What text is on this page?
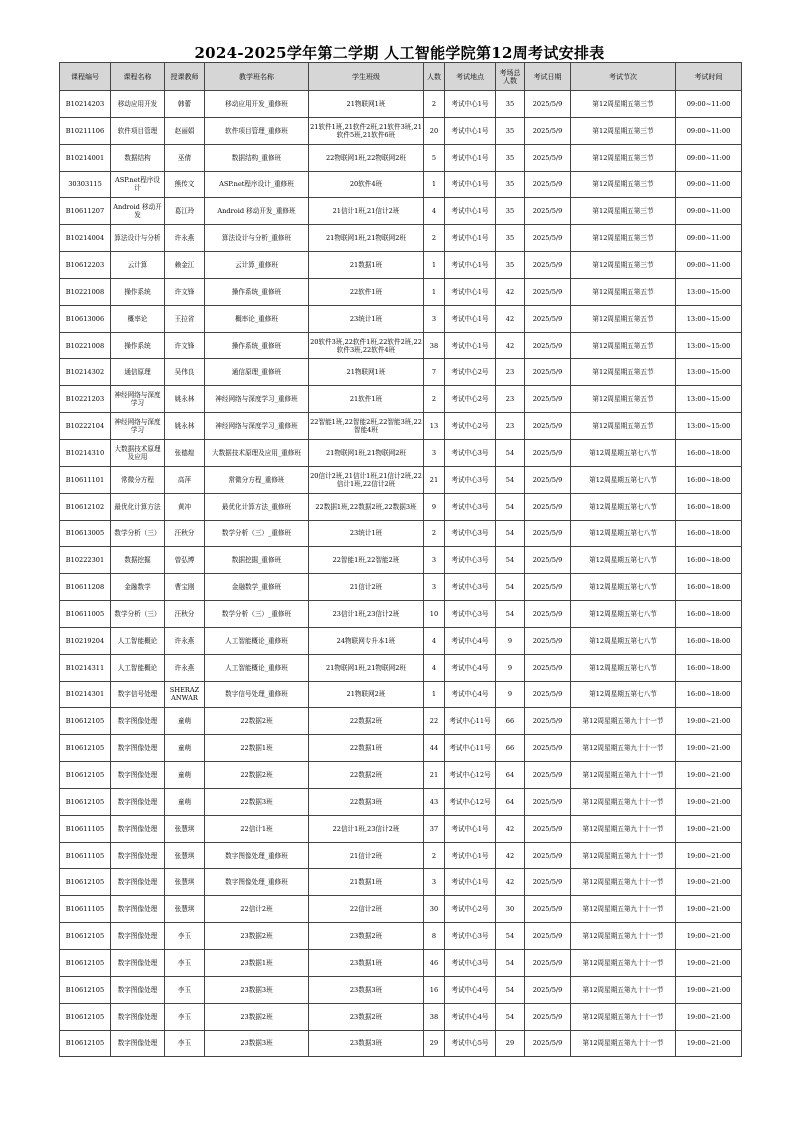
2024-2025学年第二学期 人工智能学院第12周考试安排表
课程编号	课程名称	授课教师	教学班名称	学生班级	人数	考试地点	考场总人数	考试日期	考试节次	考试时间
B10214203	移动应用开发	韩蕾	移动应用开发_重修班	21物联网1班	2	考试中心1号	35	2025/5/9	第12周星期五第三节	09:00~11:00
B10211106	软件项目管理	赵丽娟	软件项目管理_重修班	21软件1班,21软件2班,21软件3班,21软件5班,21软件6班	20	考试中心1号	35	2025/5/9	第12周星期五第三节	09:00~11:00
B10214001	数据结构	巫倩	数据结构_重修班	22物联网1班,22物联网2班	5	考试中心1号	35	2025/5/9	第12周星期五第三节	09:00~11:00
30303115	ASP.net程序设计	熊传文	ASP.net程序设计_重修班	20软件4班	1	考试中心1号	35	2025/5/9	第12周星期五第三节	09:00~11:00
B10611207	Android 移动开发	葛江玲	Android 移动开发_重修班	21信计1班,21信计2班	4	考试中心1号	35	2025/5/9	第12周星期五第三节	09:00~11:00
B10214004	算法设计与分析	许永燕	算法设计与分析_重修班	21物联网1班,21物联网2班	2	考试中心1号	35	2025/5/9	第12周星期五第三节	09:00~11:00
B10612203	云计算	赖金江	云计算_重修班	21数据1班	1	考试中心1号	35	2025/5/9	第12周星期五第三节	09:00~11:00
B10221008	操作系统	许文锋	操作系统_重修班	22软件1班	1	考试中心1号	42	2025/5/9	第12周星期五第五节	13:00~15:00
B10613006	概率论	王拉省	概率论_重修班	23统计1班	3	考试中心1号	42	2025/5/9	第12周星期五第五节	13:00~15:00
B10221008	操作系统	许文锋	操作系统_重修班	20软件3班,22软件1班,22软件2班,22软件3班,22软件4班	38	考试中心1号	42	2025/5/9	第12周星期五第五节	13:00~15:00
B10214302	通信原理	吴伟良	通信原理_重修班	21物联网1班	7	考试中心2号	23	2025/5/9	第12周星期五第五节	13:00~15:00
B10221203	神经网络与深度学习	姚永林	神经网络与深度学习_重修班	21软件1班	2	考试中心2号	23	2025/5/9	第12周星期五第五节	13:00~15:00
B10222104	神经网络与深度学习	姚永林	神经网络与深度学习_重修班	22智能1班,22智能2班,22智能3班,22智能4班	13	考试中心2号	23	2025/5/9	第12周星期五第五节	13:00~15:00
B10214310	大数据技术原理及应用	张德煌	大数据技术原理及应用_重修班	21物联网1班,21物联网2班	3	考试中心3号	54	2025/5/9	第12周星期五第七八节	16:00~18:00
B10611101	常微分方程	高萍	常微分方程_重修班	20信计2班,21信计1班,21信计2班,22信计1班,22信计2班	21	考试中心3号	54	2025/5/9	第12周星期五第七八节	16:00~18:00
B10612102	最优化计算方法	黄冲	最优化计算方法_重修班	22数据1班,22数据2班,22数据3班	9	考试中心3号	54	2025/5/9	第12周星期五第七八节	16:00~18:00
B10613005	数学分析（三）	汪秋分	数学分析（三）_重修班	23统计1班	2	考试中心3号	54	2025/5/9	第12周星期五第七八节	16:00~18:00
B10222301	数据挖掘	曾弘博	数据挖掘_重修班	22智能1班,22智能2班	3	考试中心3号	54	2025/5/9	第12周星期五第七八节	16:00~18:00
B10611208	金融数学	曹宝刚	金融数学_重修班	21信计2班	3	考试中心3号	54	2025/5/9	第12周星期五第七八节	16:00~18:00
B10611005	数学分析（三）	汪秋分	数学分析（三）_重修班	23信计1班,23信计2班	10	考试中心3号	54	2025/5/9	第12周星期五第七八节	16:00~18:00
B10219204	人工智能概论	许永燕	人工智能概论_重修班	24物联网专升本1班	4	考试中心4号	9	2025/5/9	第12周星期五第七八节	16:00~18:00
B10214311	人工智能概论	许永燕	人工智能概论_重修班	21物联网1班,21物联网2班	4	考试中心4号	9	2025/5/9	第12周星期五第七八节	16:00~18:00
B10214301	数字信号处理	SHERAZ ANWAR	数字信号处理_重修班	21物联网2班	1	考试中心4号	9	2025/5/9	第12周星期五第七八节	16:00~18:00
B10612105	数字图像处理	童萌	22数据2班	22数据2班	22	考试中心11号	66	2025/5/9	第12周星期五第九十十一节	19:00~21:00
B10612105	数字图像处理	童萌	22数据1班	22数据1班	44	考试中心11号	66	2025/5/9	第12周星期五第九十十一节	19:00~21:00
B10612105	数字图像处理	童萌	22数据2班	22数据2班	21	考试中心12号	64	2025/5/9	第12周星期五第九十十一节	19:00~21:00
B10612105	数字图像处理	童萌	22数据3班	22数据3班	43	考试中心12号	64	2025/5/9	第12周星期五第九十十一节	19:00~21:00
B10611105	数字图像处理	张慧琪	22信计1班	22信计1班,23信计2班	37	考试中心1号	42	2025/5/9	第12周星期五第九十十一节	19:00~21:00
B10611105	数字图像处理	张慧琪	数字图像处理_重修班	21信计2班	2	考试中心1号	42	2025/5/9	第12周星期五第九十十一节	19:00~21:00
B10612105	数字图像处理	张慧琪	数字图像处理_重修班	21数据1班	3	考试中心1号	42	2025/5/9	第12周星期五第九十十一节	19:00~21:00
B10611105	数字图像处理	张慧琪	22信计2班	22信计2班	30	考试中心2号	30	2025/5/9	第12周星期五第九十十一节	19:00~21:00
B10612105	数字图像处理	李玉	23数据2班	23数据2班	8	考试中心3号	54	2025/5/9	第12周星期五第九十十一节	19:00~21:00
B10612105	数字图像处理	李玉	23数据1班	23数据1班	46	考试中心3号	54	2025/5/9	第12周星期五第九十十一节	19:00~21:00
B10612105	数字图像处理	李玉	23数据3班	23数据3班	16	考试中心4号	54	2025/5/9	第12周星期五第九十十一节	19:00~21:00
B10612105	数字图像处理	李玉	23数据2班	23数据2班	38	考试中心4号	54	2025/5/9	第12周星期五第九十十一节	19:00~21:00
B10612105	数字图像处理	李玉	23数据3班	23数据3班	29	考试中心5号	29	2025/5/9	第12周星期五第九十十一节	19:00~21:00
